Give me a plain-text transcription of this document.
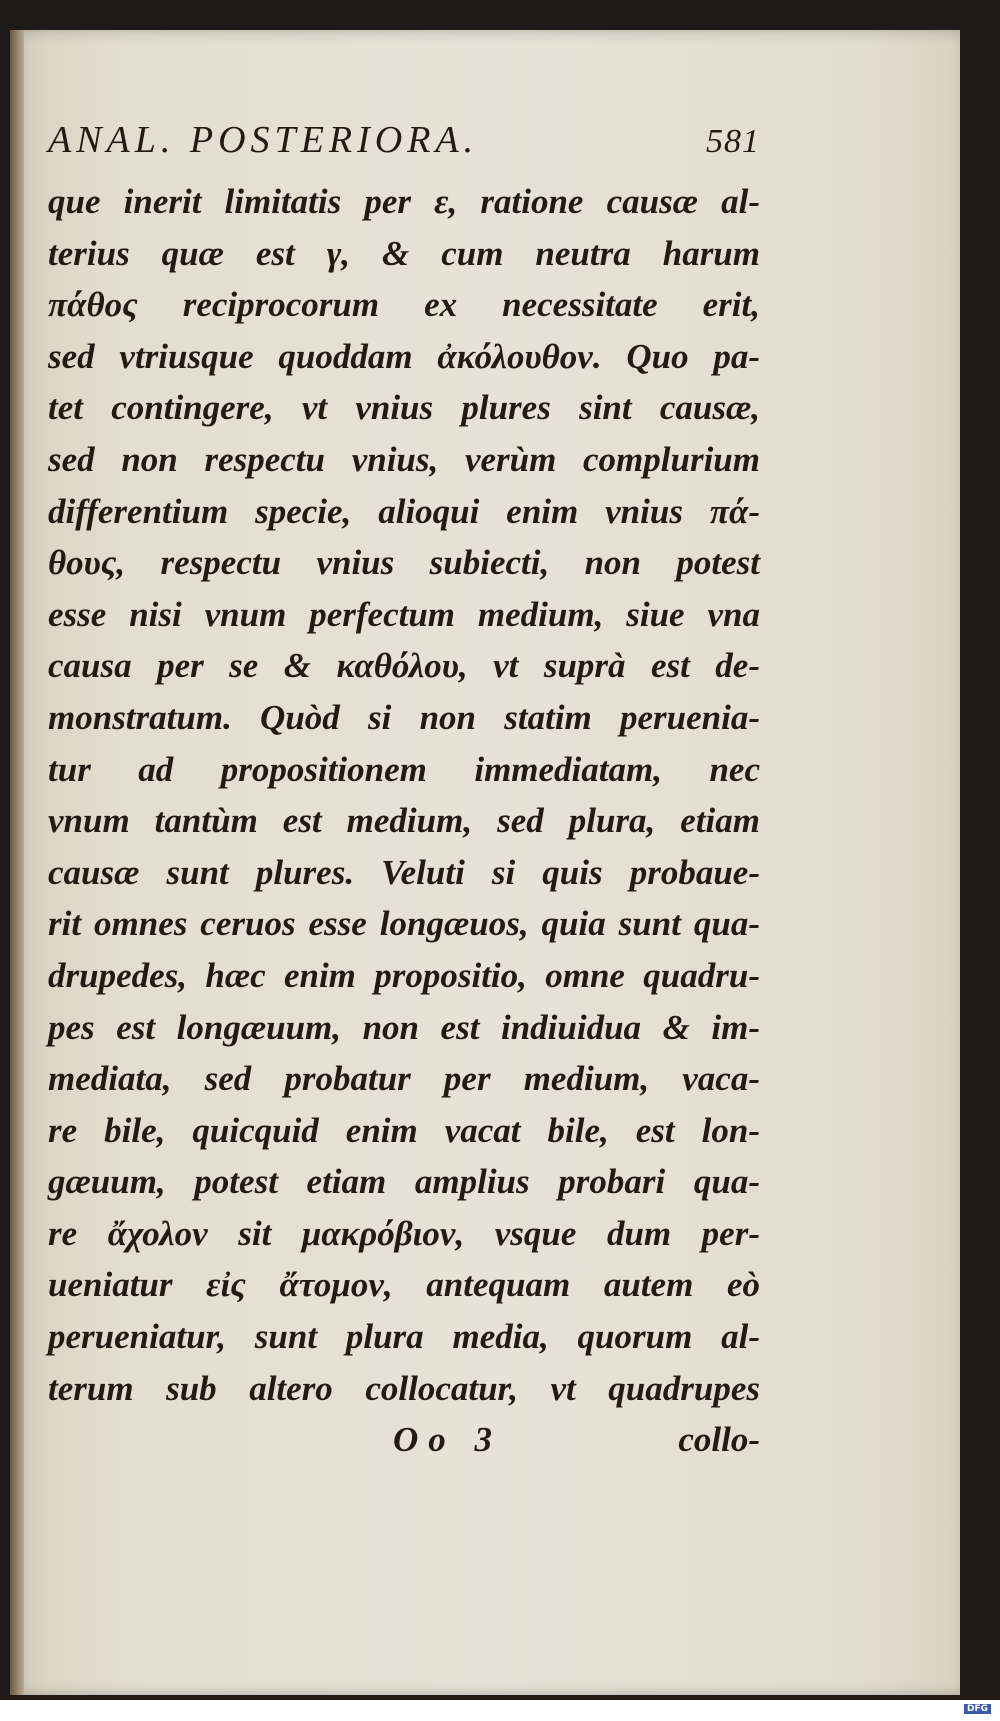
ANAL. POSTERIORA.	581
que inerit limitatis per ε, ratione causæ al-
terius quæ est γ, & cum neutra harum
πάθος reciprocorum ex necessitate erit,
sed vtriusque quoddam ἀκόλουθον. Quo pa-
tet contingere, vt vnius plures sint causæ,
sed non respectu vnius, verùm complurium
differentium specie, alioqui enim vnius πά-
θους, respectu vnius subiecti, non potest
esse nisi vnum perfectum medium, siue vna
causa per se & καθόλου, vt suprà est de-
monstratum. Quòd si non statim peruenia-
tur ad propositionem immediatam, nec
vnum tantùm est medium, sed plura, etiam
causæ sunt plures. Veluti si quis probaue-
rit omnes ceruos esse longæuos, quia sunt qua-
drupedes, hæc enim propositio, omne quadru-
pes est longæuum, non est indiuidua & im-
mediata, sed probatur per medium, vaca-
re bile, quicquid enim vacat bile, est lon-
gæuum, potest etiam amplius probari qua-
re ἄχολον sit μακρόβιον, vsque dum per-
ueniatur εἰς ἄτομον, antequam autem eò
perueniatur, sunt plura media, quorum al-
terum sub altero collocatur, vt quadrupes
Oo 3	collo-
Digitalisierung gefördert durch die Deutsche Forschungsgemeinschaft DFG
